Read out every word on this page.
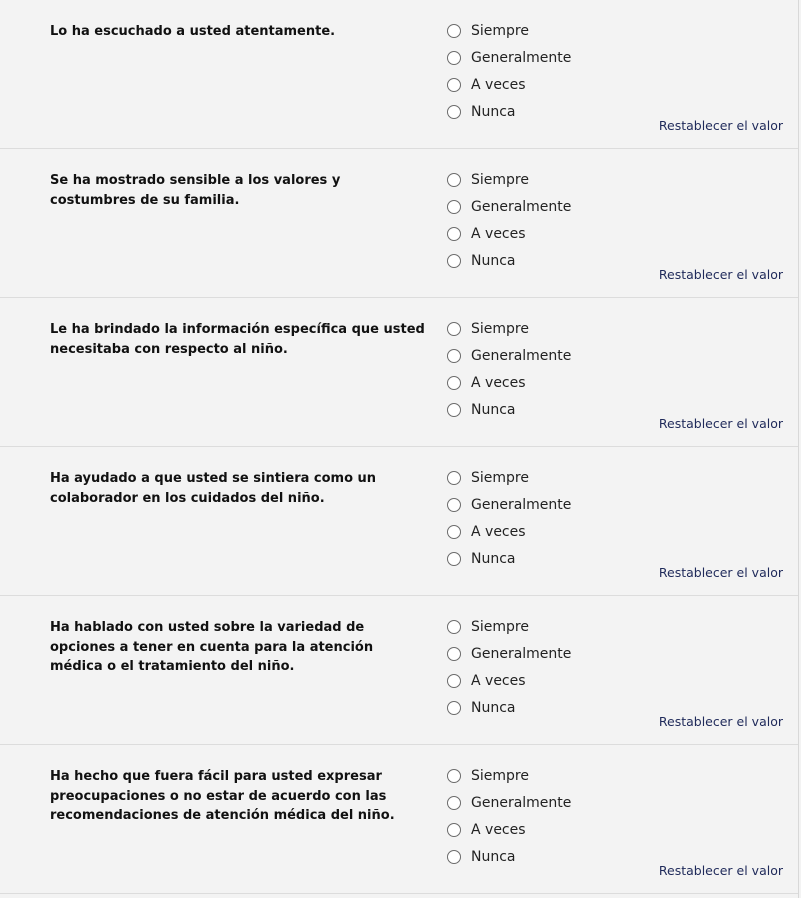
Lo ha escuchado a usted atentamente.	Siempre
Generalmente
A veces
Nunca
Restablecer el valor
Se ha mostrado sensible a los valores y costumbres de su familia.
Siempre
Generalmente
A veces
Nunca
Restablecer el valor
Le ha brindado la información específica que usted necesitaba con respecto al niño.
Siempre
Generalmente
A veces
Nunca
Restablecer el valor
Ha ayudado a que usted se sintiera como un colaborador en los cuidados del niño.
Siempre
Generalmente
A veces
Nunca
Restablecer el valor
Ha hablado con usted sobre la variedad de opciones a tener en cuenta para la atención médica o el tratamiento del niño.
Siempre
Generalmente
A veces
Nunca
Restablecer el valor
Ha hecho que fuera fácil para usted expresar preocupaciones o no estar de acuerdo con las recomendaciones de atención médica del niño.
Siempre
Generalmente
A veces
Nunca
Restablecer el valor
